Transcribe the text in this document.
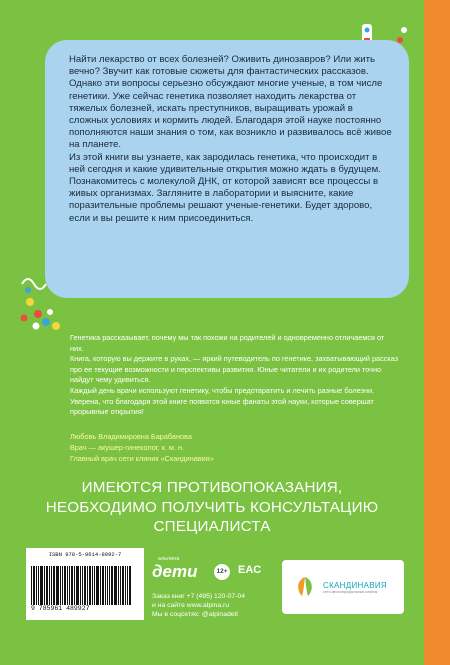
Найти лекарство от всех болезней? Оживить динозавров? Или жить вечно? Звучит как готовые сюжеты для фантастических рассказов. Однако эти вопросы серьезно обсуждают многие ученые, в том числе генетики. Уже сейчас генетика позволяет находить лекарства от тяжелых болезней, искать преступников, выращивать урожай в сложных условиях и кормить людей. Благодаря этой науке постоянно пополняются наши знания о том, как возникло и развивалось всё живое на планете.

Из этой книги вы узнаете, как зародилась генетика, что происходит в ней сегодня и какие удивительные открытия можно ждать в будущем. Познакомитесь с молекулой ДНК, от которой зависят все процессы в живых организмах. Загляните в лаборатории и выясните, какие поразительные проблемы решают ученые-генетики. Будет здорово, если и вы решите к ним присоединиться.

Генетика рассказывает, почему мы так похожи на родителей и одновременно отличаемся от них.

Книга, которую вы держите в руках, — яркий путеводитель по генетике, захватывающий рассказ про ее текущие возможности и перспективы развития. Юные читатели и их родители точно найдут чему удивиться.

Каждый день врачи используют генетику, чтобы предотвратить и лечить разные болезни. Уверена, что благодаря этой книге появятся юные фанаты этой науки, которые совершат прорывные открытия!

Любовь Владимировна Барабанова
Врач — акушер-гинеколог, к. м. н.
Главный врач сети клиник «Скандинавия»
ИМЕЮТСЯ ПРОТИВОПОКАЗАНИЯ,
НЕОБХОДИМО ПОЛУЧИТЬ КОНСУЛЬТАЦИЮ
СПЕЦИАЛИСТА
ISBN 978-5-9614-8992-7
9 785961 489927
альпина
дети	12+ EAC
Заказ книг +7 (495) 120-07-04
и на сайте www.alpina.ru
Мы в соцсетях: @alpinadeti
СКАНДИНАВИЯ
сеть многопрофильных клиник
